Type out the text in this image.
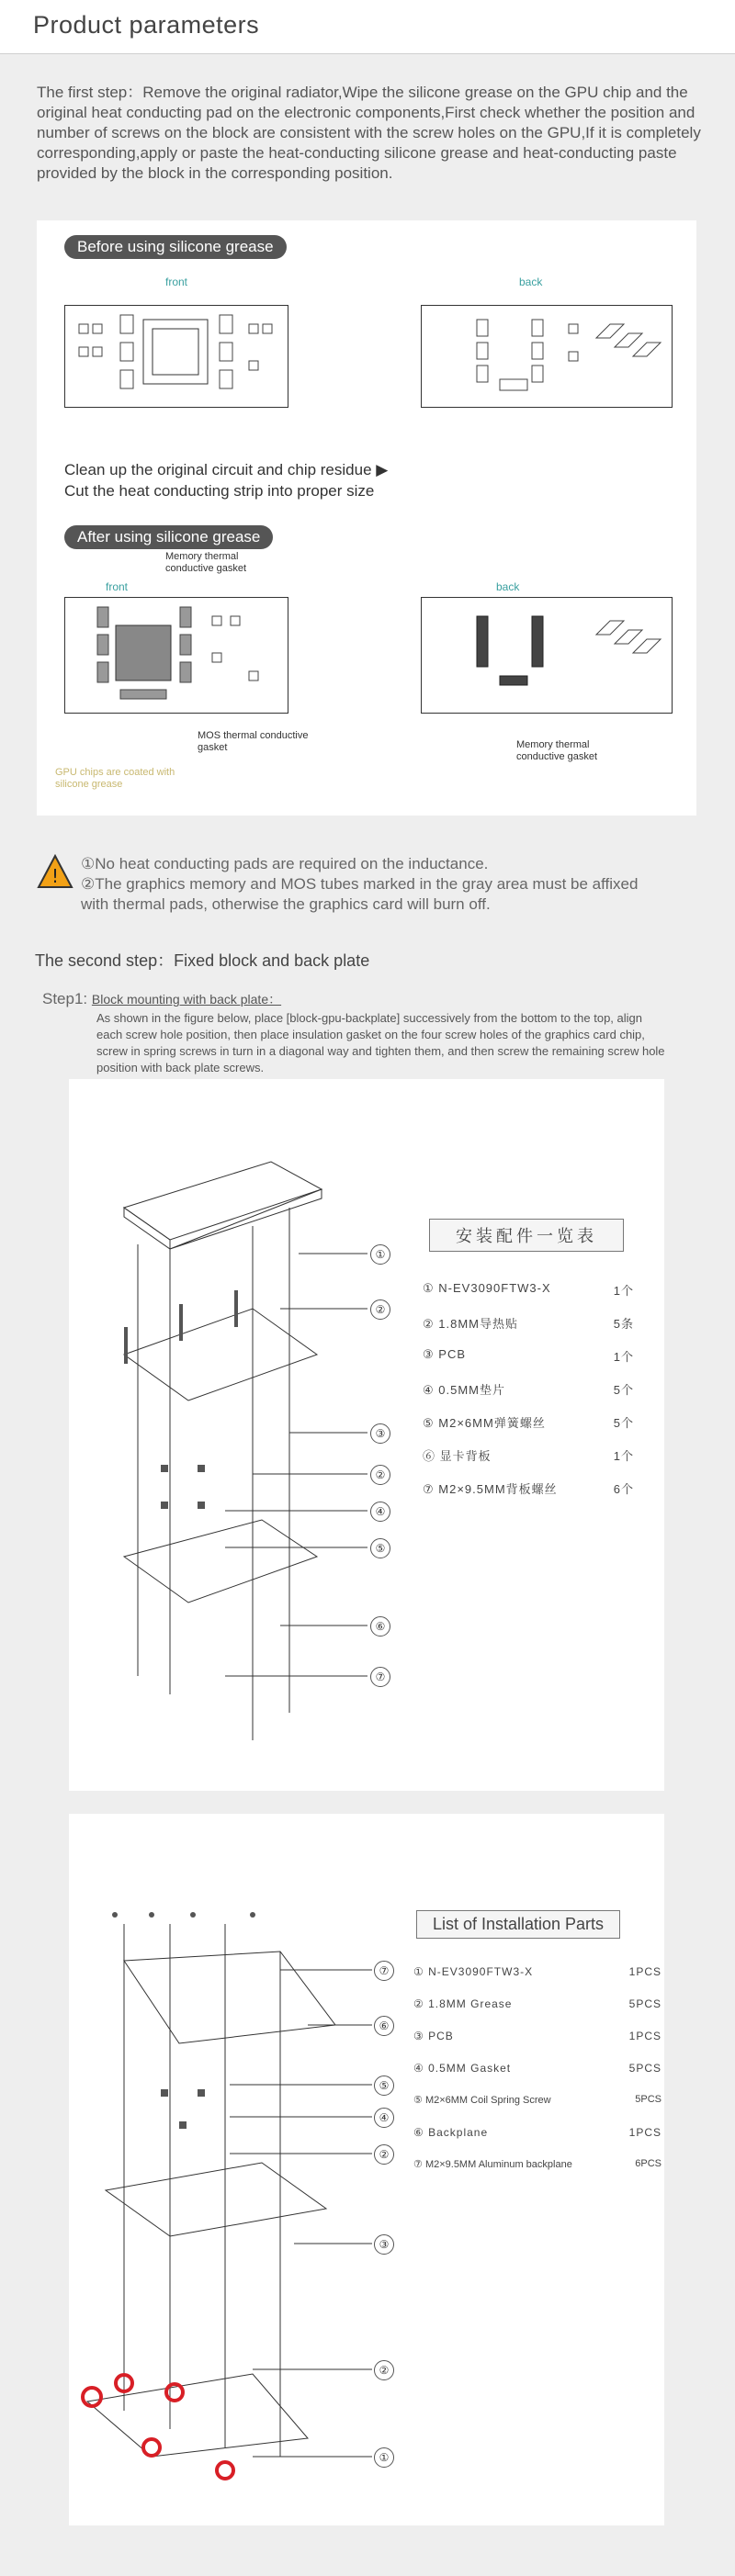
Product parameters
The first step：Remove the original radiator,Wipe the silicone grease on the GPU chip and the original heat conducting pad on the electronic components,First check whether the position and number of screws on the block are consistent with the screw holes on the GPU,If it is completely corresponding,apply or paste the heat-conducting silicone grease and heat-conducting paste provided by the block in the corresponding position.
Before using silicone grease
front	back
Clean up the original circuit and chip residue ▶
Cut the heat conducting strip into proper size
After using silicone grease
Memory thermal conductive gasket
front	back
MOS thermal conductive gasket
GPU chips are coated with silicone grease
Memory thermal conductive gasket
!
①No heat conducting pads are required on the inductance.
②The graphics memory and MOS tubes marked in the gray area must be affixed with thermal pads, otherwise the graphics card will burn off.
The second step：Fixed block and back plate
Step1: Block mounting with back plate：
As shown in the figure below, place [block-gpu-backplate] successively from the bottom to the top, align each screw hole position, then place insulation gasket on the four screw holes of the graphics card chip, screw in spring screws in turn in a diagonal way and tighten them, and then screw the remaining screw hole position with back plate screws.
①
②
③
②
④
⑤
⑥
⑦
安装配件一览表
① N-EV3090FTW3-X	1个
② 1.8MM导热贴	5条
③ PCB	1个
④ 0.5MM垫片	5个
⑤ M2×6MM弹簧螺丝	5个
⑥ 显卡背板	1个
⑦ M2×9.5MM背板螺丝	6个
⑦
⑥
⑤
④
②
③
②
①
List of Installation Parts
① N-EV3090FTW3-X	1PCS
② 1.8MM Grease	5PCS
③ PCB	1PCS
④ 0.5MM Gasket	5PCS
⑤ M2×6MM Coil Spring Screw	5PCS
⑥ Backplane	1PCS
⑦ M2×9.5MM Aluminum backplane	6PCS
